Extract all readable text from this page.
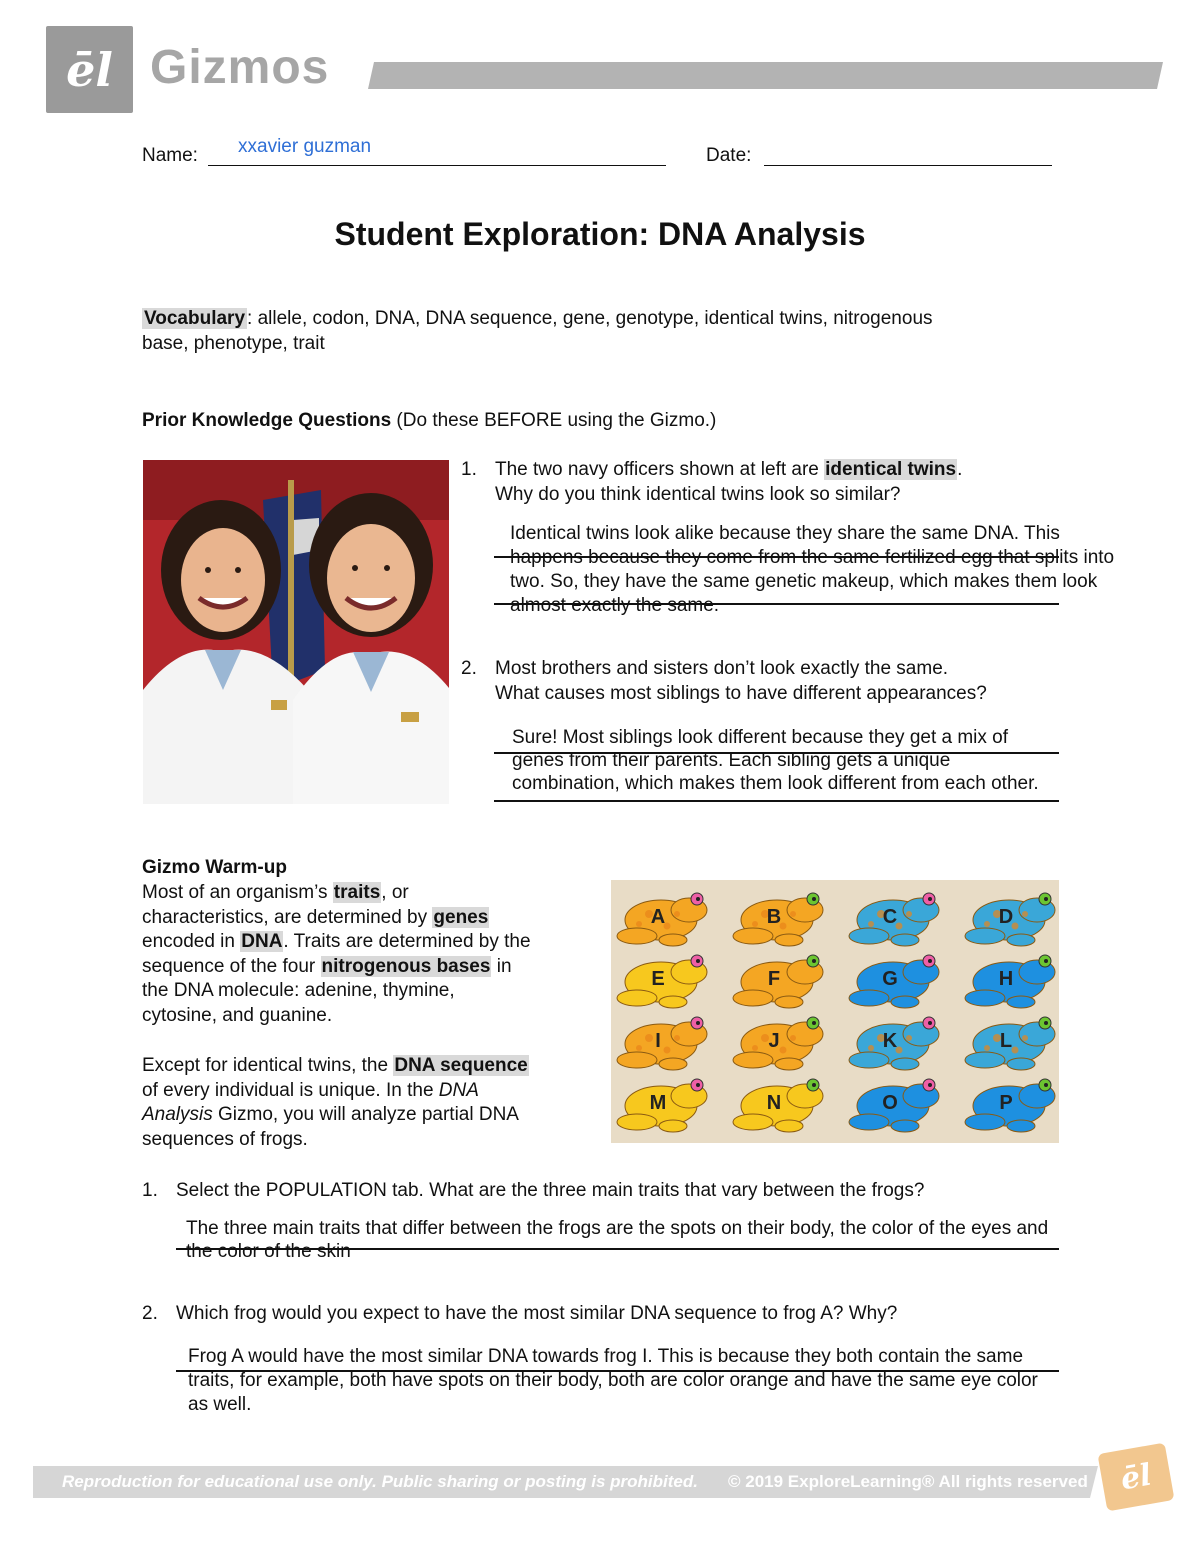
ēl Gizmos
Name: xxavier guzman	Date:
Student Exploration: DNA Analysis
Vocabulary : allele, codon, DNA, DNA sequence, gene, genotype, identical twins, nitrogenous
base, phenotype, trait
Prior Knowledge Questions (Do these BEFORE using the Gizmo.)
1. The two navy officers shown at left are identical twins.
Why do you think identical twins look so similar?
Identical twins look alike because they share the same DNA. This
happens because they come from the same fertilized egg that splits into
two. So, they have the same genetic makeup, which makes them look
almost exactly the same.
2. Most brothers and sisters don’t look exactly the same.
What causes most siblings to have different appearances?
Sure! Most siblings look different because they get a mix of
genes from their parents. Each sibling gets a unique
combination, which makes them look different from each other.
Gizmo Warm-up
Most of an organism’s traits, or
characteristics, are determined by genes
encoded in DNA. Traits are determined by the
sequence of the four nitrogenous bases in
the DNA molecule: adenine, thymine,
cytosine, and guanine.
Except for identical twins, the DNA sequence
of every individual is unique. In the DNA
Analysis Gizmo, you will analyze partial DNA
sequences of frogs.
A	B	C	D
E	F	G	H
I	J	K	L
M	N	O	P
1. Select the POPULATION tab. What are the three main traits that vary between the frogs?
The three main traits that differ between the frogs are the spots on their body, the color of the eyes and
the color of the skin
2. Which frog would you expect to have the most similar DNA sequence to frog A? Why?
Frog A would have the most similar DNA towards frog I. This is because they both contain the same
traits, for example, both have spots on their body, both are color orange and have the same eye color
as well.
Reproduction for educational use only. Public sharing or posting is prohibited. © 2019 ExploreLearning® All rights reserved ēl
